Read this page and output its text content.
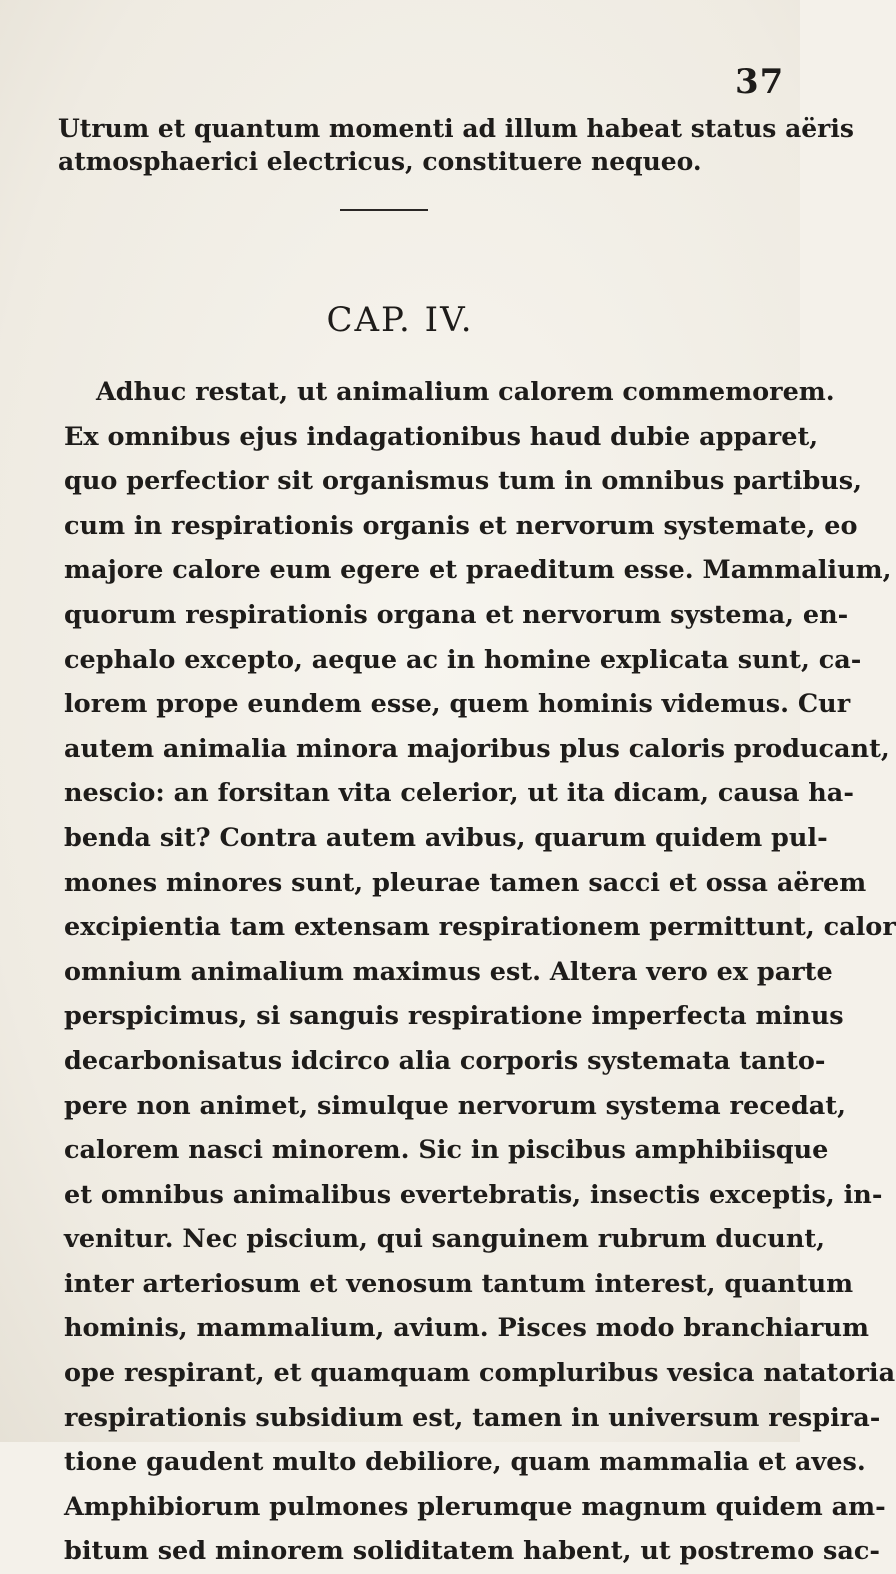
37
Utrum et quantum momenti ad illum habeat status aëris
atmosphaerici electricus, constituere nequeo.
CAP. IV.
Adhuc restat, ut animalium calorem commemorem.
Ex omnibus ejus indagationibus haud dubie apparet,
quo perfectior sit organismus tum in omnibus partibus,
cum in respirationis organis et nervorum systemate, eo
majore calore eum egere et praeditum esse. Mammalium,
quorum respirationis organa et nervorum systema, en-
cephalo excepto, aeque ac in homine explicata sunt, ca-
lorem prope eundem esse, quem hominis videmus. Cur
autem animalia minora majoribus plus caloris producant,
nescio: an forsitan vita celerior, ut ita dicam, causa ha-
benda sit? Contra autem avibus, quarum quidem pul-
mones minores sunt, pleurae tamen sacci et ossa aërem
excipientia tam extensam respirationem permittunt, calor
omnium animalium maximus est. Altera vero ex parte
perspicimus, si sanguis respiratione imperfecta minus
decarbonisatus idcirco alia corporis systemata tanto-
pere non animet, simulque nervorum systema recedat,
calorem nasci minorem. Sic in piscibus amphibiisque
et omnibus animalibus evertebratis, insectis exceptis, in-
venitur. Nec piscium, qui sanguinem rubrum ducunt,
inter arteriosum et venosum tantum interest, quantum
hominis, mammalium, avium. Pisces modo branchiarum
ope respirant, et quamquam compluribus vesica natatoria
respirationis subsidium est, tamen in universum respira-
tione gaudent multo debiliore, quam mammalia et aves.
Amphibiorum pulmones plerumque magnum quidem am-
bitum sed minorem soliditatem habent, ut postremo sac-
